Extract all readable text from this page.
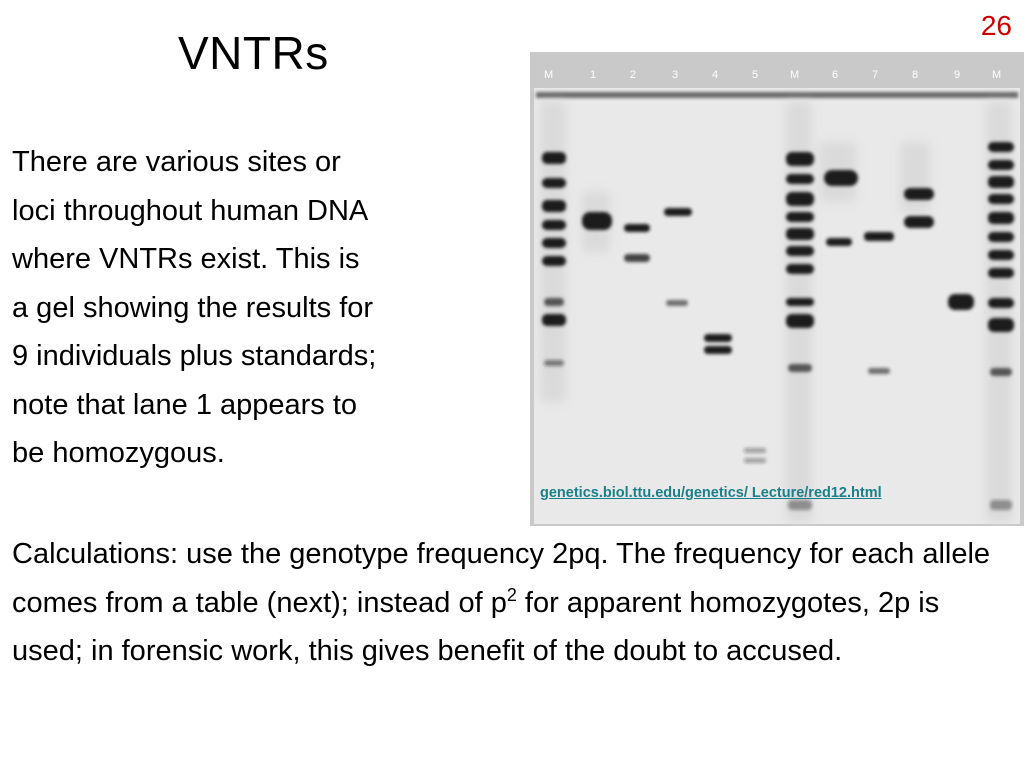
26
VNTRs
There are various sites or
loci throughout human DNA
where VNTRs exist. This is
a gel showing the results for
9 individuals plus standards;
note that lane 1 appears to
be homozygous.
M	1	2	3	4	5	M	6	7	8	9	M
genetics.biol.ttu.edu/genetics/ Lecture/red12.html
Calculations: use the genotype frequency 2pq. The frequency for each allele comes from a table (next); instead of $p^2$ for apparent homozygotes, 2p is used; in forensic work, this gives benefit of the doubt to accused.
